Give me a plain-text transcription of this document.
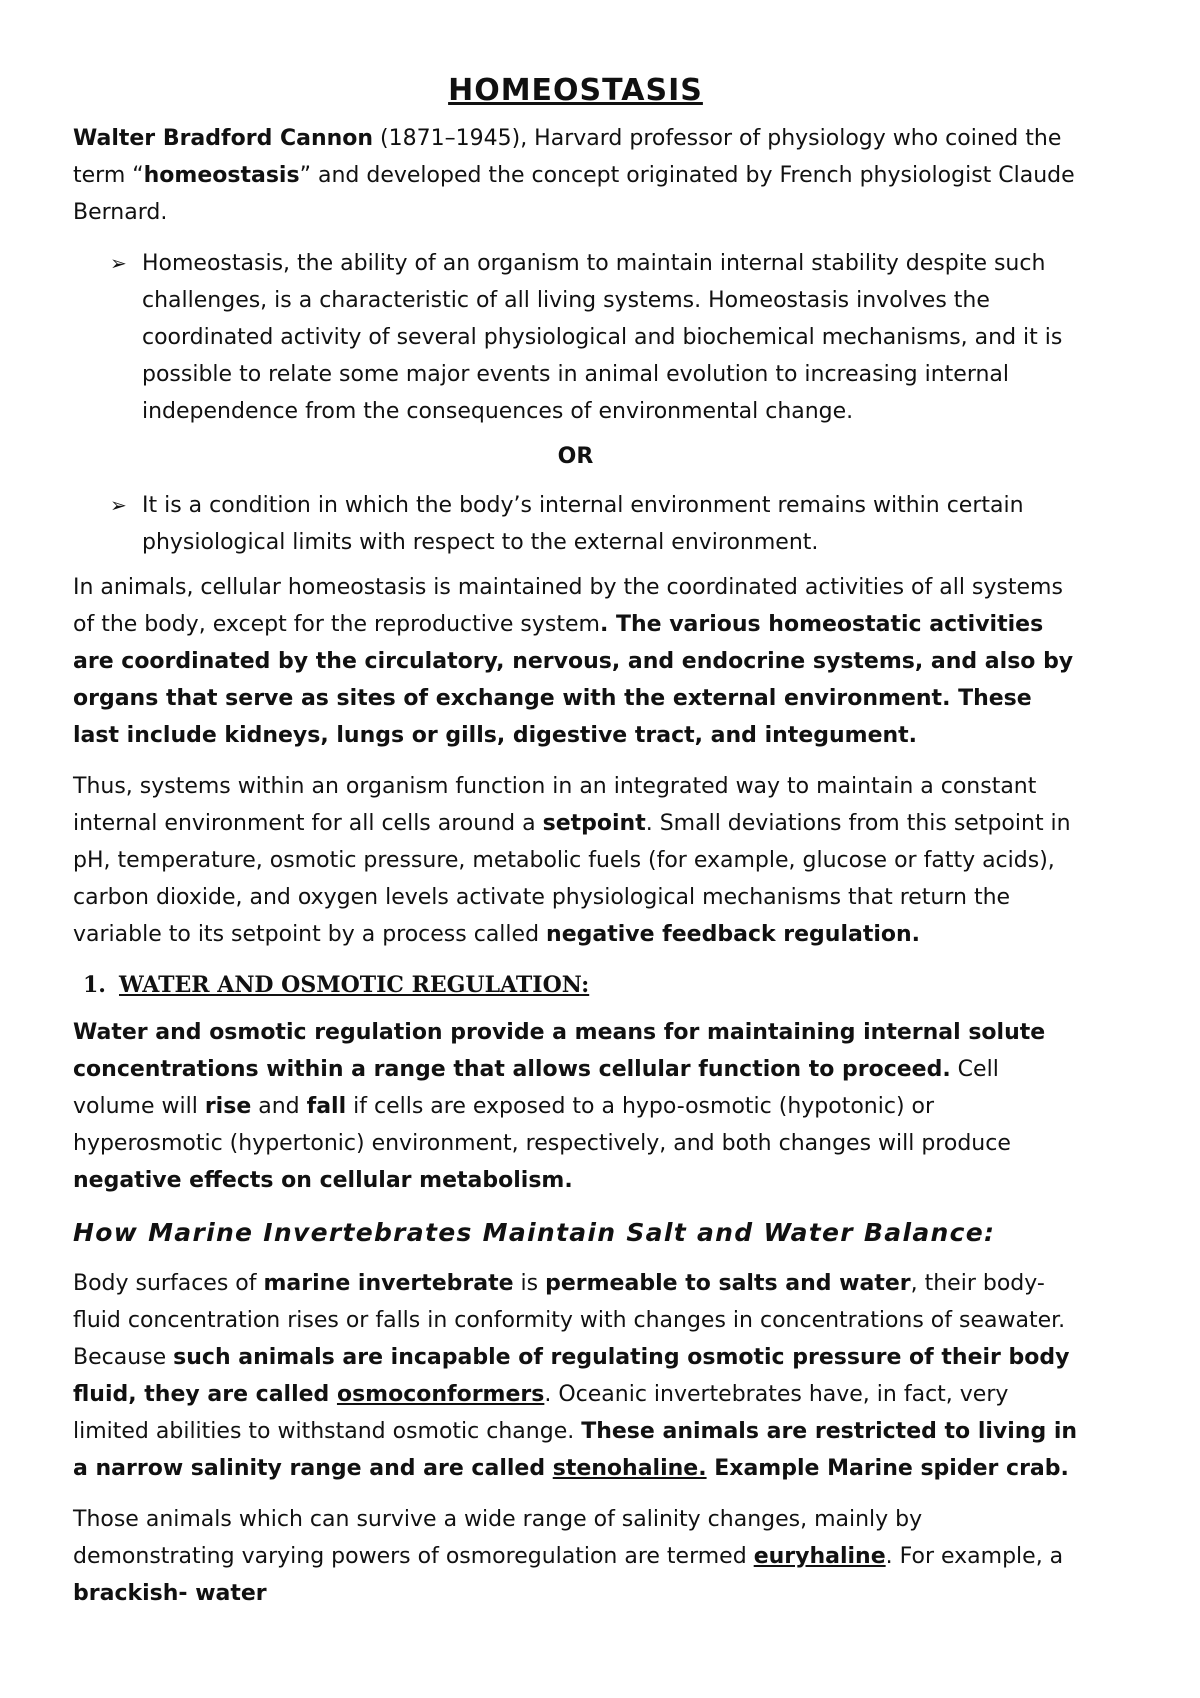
HOMEOSTASIS

Walter Bradford Cannon (1871–1945), Harvard professor of physiology who coined the term “homeostasis” and developed the concept originated by French physiologist Claude Bernard.

➢ Homeostasis, the ability of an organism to maintain internal stability despite such challenges, is a characteristic of all living systems. Homeostasis involves the coordinated activity of several physiological and biochemical mechanisms, and it is possible to relate some major events in animal evolution to increasing internal independence from the consequences of environmental change.
OR
➢ It is a condition in which the body’s internal environment remains within certain physiological limits with respect to the external environment.

In animals, cellular homeostasis is maintained by the coordinated activities of all systems of the body, except for the reproductive system. The various homeostatic activities are coordinated by the circulatory, nervous, and endocrine systems, and also by organs that serve as sites of exchange with the external environment. These last include kidneys, lungs or gills, digestive tract, and integument.

Thus, systems within an organism function in an integrated way to maintain a constant internal environment for all cells around a setpoint. Small deviations from this setpoint in pH, temperature, osmotic pressure, metabolic fuels (for example, glucose or fatty acids), carbon dioxide, and oxygen levels activate physiological mechanisms that return the variable to its setpoint by a process called negative feedback regulation.

1. WATER AND OSMOTIC REGULATION:

Water and osmotic regulation provide a means for maintaining internal solute concentrations within a range that allows cellular function to proceed. Cell volume will rise and fall if cells are exposed to a hypo-osmotic (hypotonic) or hyperosmotic (hypertonic) environment, respectively, and both changes will produce negative effects on cellular metabolism.

How Marine Invertebrates Maintain Salt and Water Balance:

Body surfaces of marine invertebrate is permeable to salts and water, their body-fluid concentration rises or falls in conformity with changes in concentrations of seawater. Because such animals are incapable of regulating osmotic pressure of their body fluid, they are called osmoconformers. Oceanic invertebrates have, in fact, very limited abilities to withstand osmotic change. These animals are restricted to living in a narrow salinity range and are called stenohaline. Example Marine spider crab.

Those animals which can survive a wide range of salinity changes, mainly by demonstrating varying powers of osmoregulation are termed euryhaline. For example, a brackish- water
